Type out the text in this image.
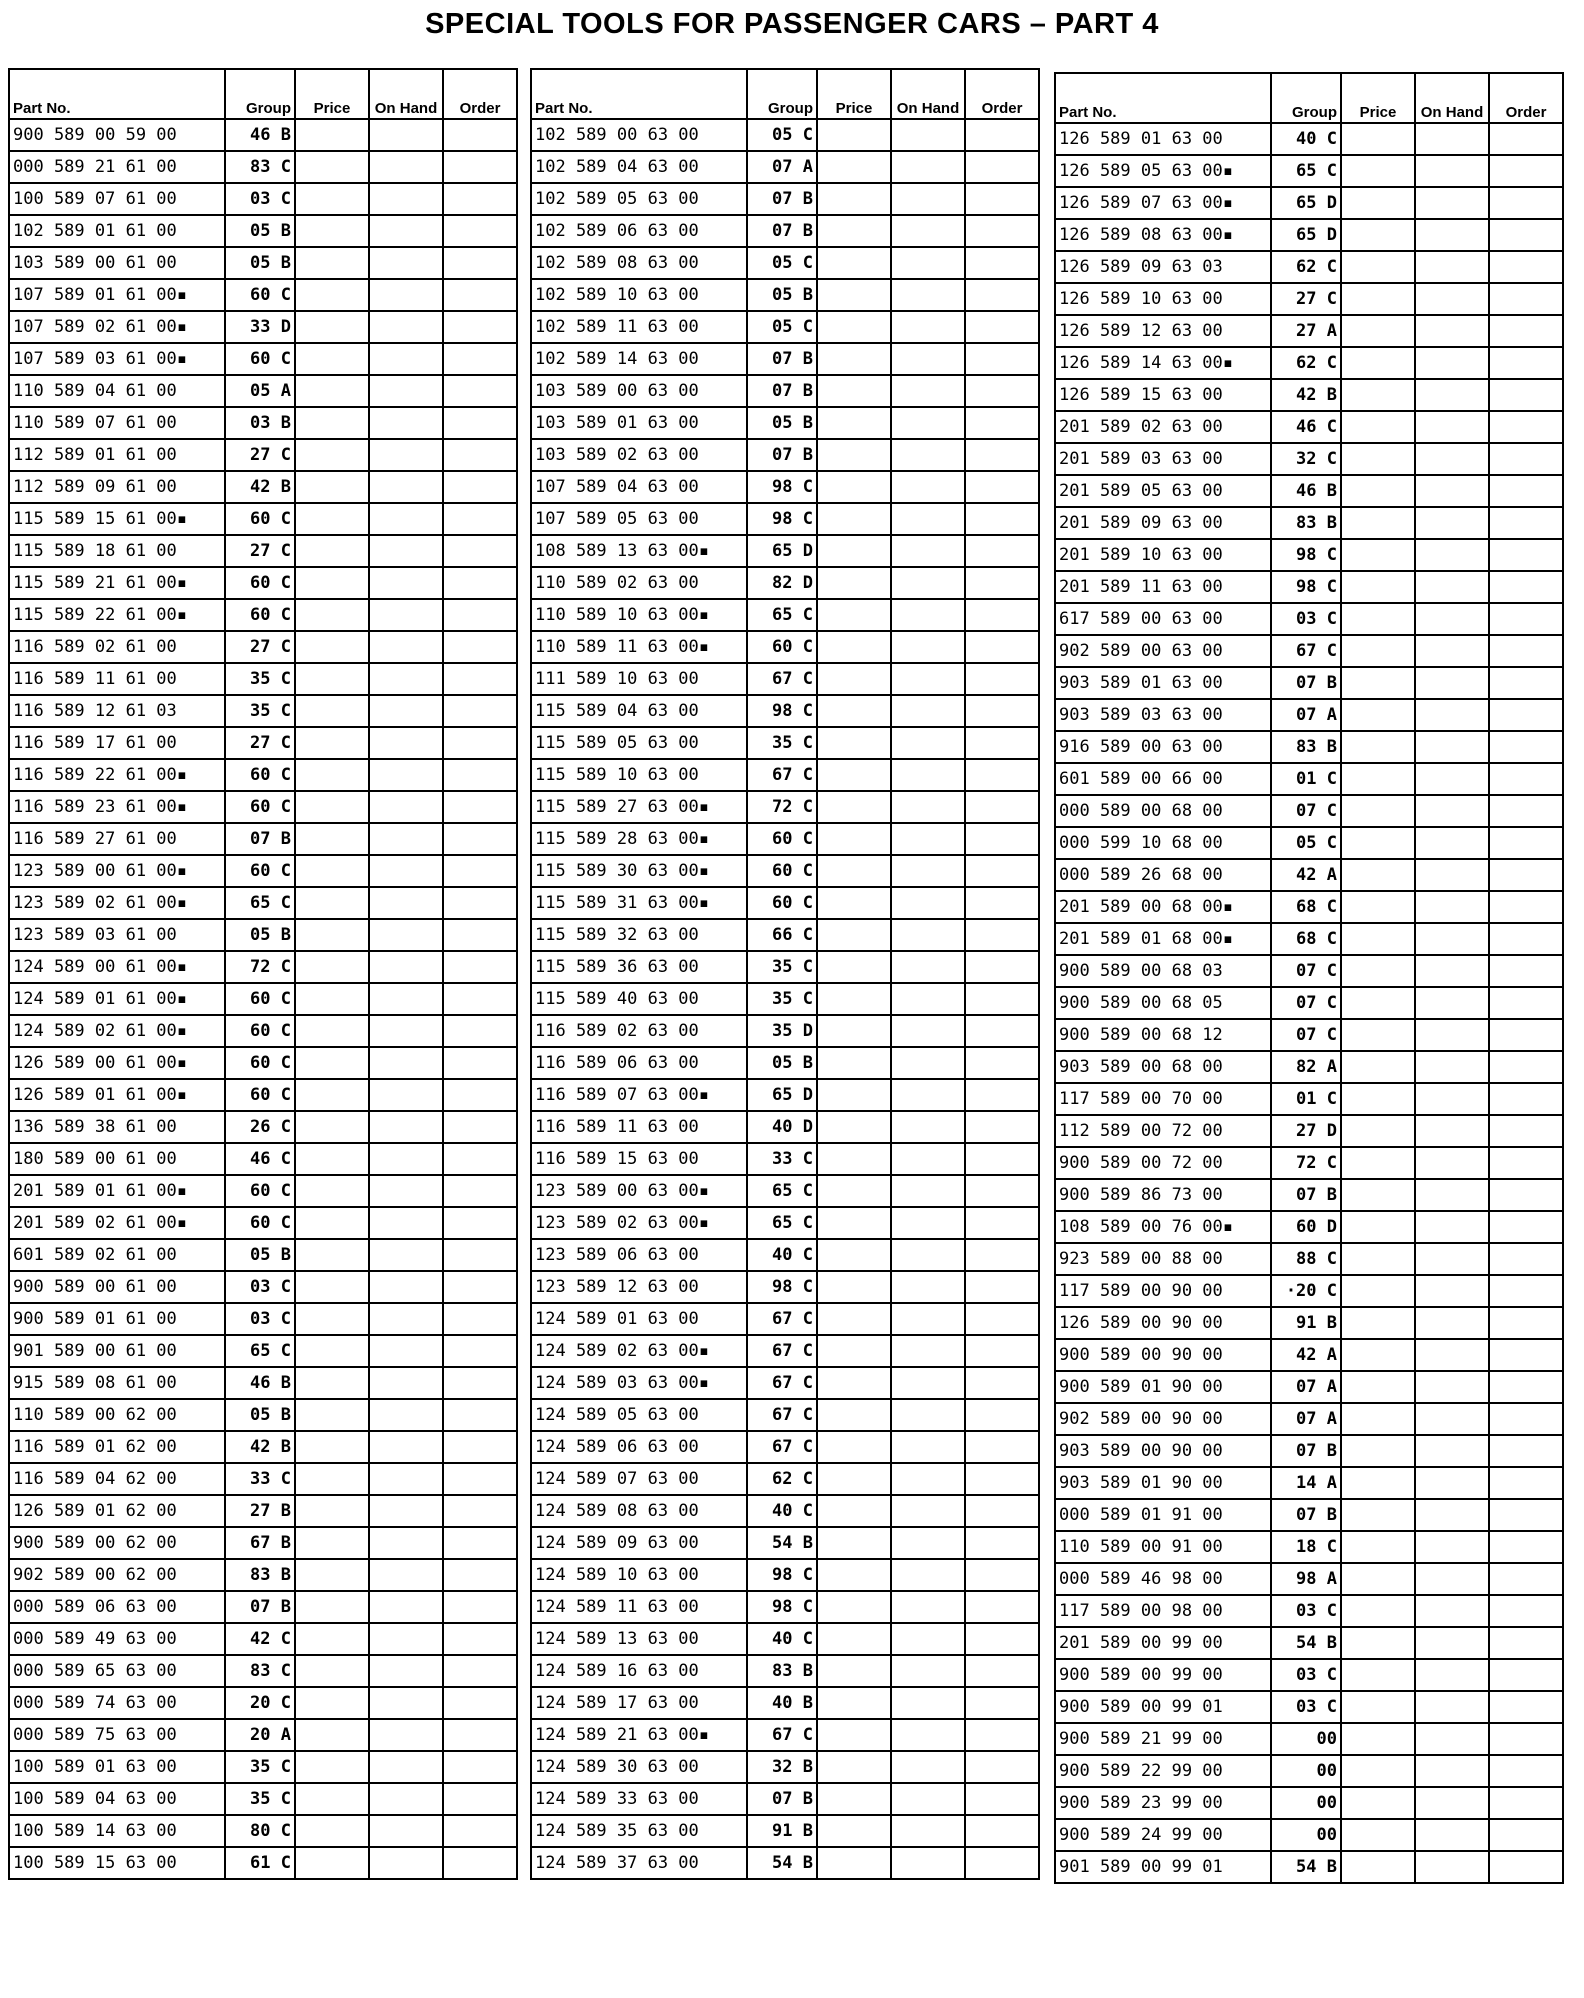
SPECIAL TOOLS FOR PASSENGER CARS – PART 4
Part No.	Group	Price	On Hand	Order
900 589 00 59 00	46 B			
000 589 21 61 00	83 C			
100 589 07 61 00	03 C			
102 589 01 61 00	05 B			
103 589 00 61 00	05 B			
107 589 01 61 00▪	60 C			
107 589 02 61 00▪	33 D			
107 589 03 61 00▪	60 C			
110 589 04 61 00	05 A			
110 589 07 61 00	03 B			
112 589 01 61 00	27 C			
112 589 09 61 00	42 B			
115 589 15 61 00▪	60 C			
115 589 18 61 00	27 C			
115 589 21 61 00▪	60 C			
115 589 22 61 00▪	60 C			
116 589 02 61 00	27 C			
116 589 11 61 00	35 C			
116 589 12 61 03	35 C			
116 589 17 61 00	27 C			
116 589 22 61 00▪	60 C			
116 589 23 61 00▪	60 C			
116 589 27 61 00	07 B			
123 589 00 61 00▪	60 C			
123 589 02 61 00▪	65 C			
123 589 03 61 00	05 B			
124 589 00 61 00▪	72 C			
124 589 01 61 00▪	60 C			
124 589 02 61 00▪	60 C			
126 589 00 61 00▪	60 C			
126 589 01 61 00▪	60 C			
136 589 38 61 00	26 C			
180 589 00 61 00	46 C			
201 589 01 61 00▪	60 C			
201 589 02 61 00▪	60 C			
601 589 02 61 00	05 B			
900 589 00 61 00	03 C			
900 589 01 61 00	03 C			
901 589 00 61 00	65 C			
915 589 08 61 00	46 B			
110 589 00 62 00	05 B			
116 589 01 62 00	42 B			
116 589 04 62 00	33 C			
126 589 01 62 00	27 B			
900 589 00 62 00	67 B			
902 589 00 62 00	83 B			
000 589 06 63 00	07 B			
000 589 49 63 00	42 C			
000 589 65 63 00	83 C			
000 589 74 63 00	20 C			
000 589 75 63 00	20 A			
100 589 01 63 00	35 C			
100 589 04 63 00	35 C			
100 589 14 63 00	80 C			
100 589 15 63 00	61 C			
Part No.	Group	Price	On Hand	Order
102 589 00 63 00	05 C			
102 589 04 63 00	07 A			
102 589 05 63 00	07 B			
102 589 06 63 00	07 B			
102 589 08 63 00	05 C			
102 589 10 63 00	05 B			
102 589 11 63 00	05 C			
102 589 14 63 00	07 B			
103 589 00 63 00	07 B			
103 589 01 63 00	05 B			
103 589 02 63 00	07 B			
107 589 04 63 00	98 C			
107 589 05 63 00	98 C			
108 589 13 63 00▪	65 D			
110 589 02 63 00	82 D			
110 589 10 63 00▪	65 C			
110 589 11 63 00▪	60 C			
111 589 10 63 00	67 C			
115 589 04 63 00	98 C			
115 589 05 63 00	35 C			
115 589 10 63 00	67 C			
115 589 27 63 00▪	72 C			
115 589 28 63 00▪	60 C			
115 589 30 63 00▪	60 C			
115 589 31 63 00▪	60 C			
115 589 32 63 00	66 C			
115 589 36 63 00	35 C			
115 589 40 63 00	35 C			
116 589 02 63 00	35 D			
116 589 06 63 00	05 B			
116 589 07 63 00▪	65 D			
116 589 11 63 00	40 D			
116 589 15 63 00	33 C			
123 589 00 63 00▪	65 C			
123 589 02 63 00▪	65 C			
123 589 06 63 00	40 C			
123 589 12 63 00	98 C			
124 589 01 63 00	67 C			
124 589 02 63 00▪	67 C			
124 589 03 63 00▪	67 C			
124 589 05 63 00	67 C			
124 589 06 63 00	67 C			
124 589 07 63 00	62 C			
124 589 08 63 00	40 C			
124 589 09 63 00	54 B			
124 589 10 63 00	98 C			
124 589 11 63 00	98 C			
124 589 13 63 00	40 C			
124 589 16 63 00	83 B			
124 589 17 63 00	40 B			
124 589 21 63 00▪	67 C			
124 589 30 63 00	32 B			
124 589 33 63 00	07 B			
124 589 35 63 00	91 B			
124 589 37 63 00	54 B			
Part No.	Group	Price	On Hand	Order
126 589 01 63 00	40 C			
126 589 05 63 00▪	65 C			
126 589 07 63 00▪	65 D			
126 589 08 63 00▪	65 D			
126 589 09 63 03	62 C			
126 589 10 63 00	27 C			
126 589 12 63 00	27 A			
126 589 14 63 00▪	62 C			
126 589 15 63 00	42 B			
201 589 02 63 00	46 C			
201 589 03 63 00	32 C			
201 589 05 63 00	46 B			
201 589 09 63 00	83 B			
201 589 10 63 00	98 C			
201 589 11 63 00	98 C			
617 589 00 63 00	03 C			
902 589 00 63 00	67 C			
903 589 01 63 00	07 B			
903 589 03 63 00	07 A			
916 589 00 63 00	83 B			
601 589 00 66 00	01 C			
000 589 00 68 00	07 C			
000 599 10 68 00	05 C			
000 589 26 68 00	42 A			
201 589 00 68 00▪	68 C			
201 589 01 68 00▪	68 C			
900 589 00 68 03	07 C			
900 589 00 68 05	07 C			
900 589 00 68 12	07 C			
903 589 00 68 00	82 A			
117 589 00 70 00	01 C			
112 589 00 72 00	27 D			
900 589 00 72 00	72 C			
900 589 86 73 00	07 B			
108 589 00 76 00▪	60 D			
923 589 00 88 00	88 C			
117 589 00 90 00	·20 C			
126 589 00 90 00	91 B			
900 589 00 90 00	42 A			
900 589 01 90 00	07 A			
902 589 00 90 00	07 A			
903 589 00 90 00	07 B			
903 589 01 90 00	14 A			
000 589 01 91 00	07 B			
110 589 00 91 00	18 C			
000 589 46 98 00	98 A			
117 589 00 98 00	03 C			
201 589 00 99 00	54 B			
900 589 00 99 00	03 C			
900 589 00 99 01	03 C			
900 589 21 99 00	00			
900 589 22 99 00	00			
900 589 23 99 00	00			
900 589 24 99 00	00			
901 589 00 99 01	54 B			
